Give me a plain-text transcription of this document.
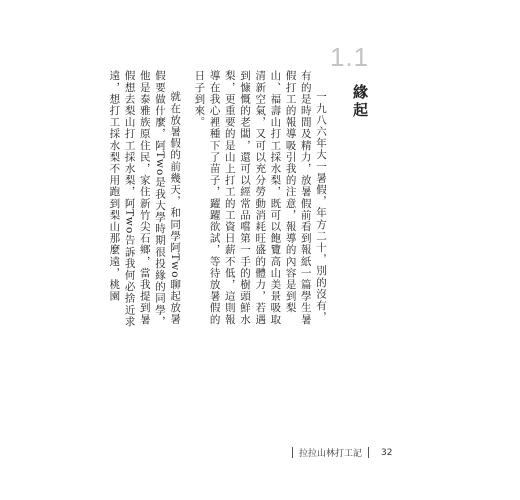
1.1
緣起

一九八六年大一暑假，年方二十，別的沒有，有的是時間及精力，放暑假前看到報紙一篇學生暑假打工的報導吸引我的注意，報導的內容是到梨山、福壽山打工採水梨，既可以飽覽高山美景吸取清新空氣，又可以充分勞動消耗旺盛的體力，若遇到慷慨的老闆，還可以經常品嚐第一手的樹頭鮮水梨，更重要的是山上打工的工資日薪不低，這則報導在我心裡種下了苗子，躍躍欲試，等待放暑假的日子到來。

就在放暑假的前幾天，和同學阿Two聊起放暑假要做什麼，阿Two是我大學時期很投緣的同學，他是泰雅族原住民，家住新竹尖石鄉，當我提到暑假想去梨山打工採水梨，阿Two告訴我何必捨近求遠，想打工採水梨不用跑到梨山那麼遠，桃園

拉拉山林打工記 32
